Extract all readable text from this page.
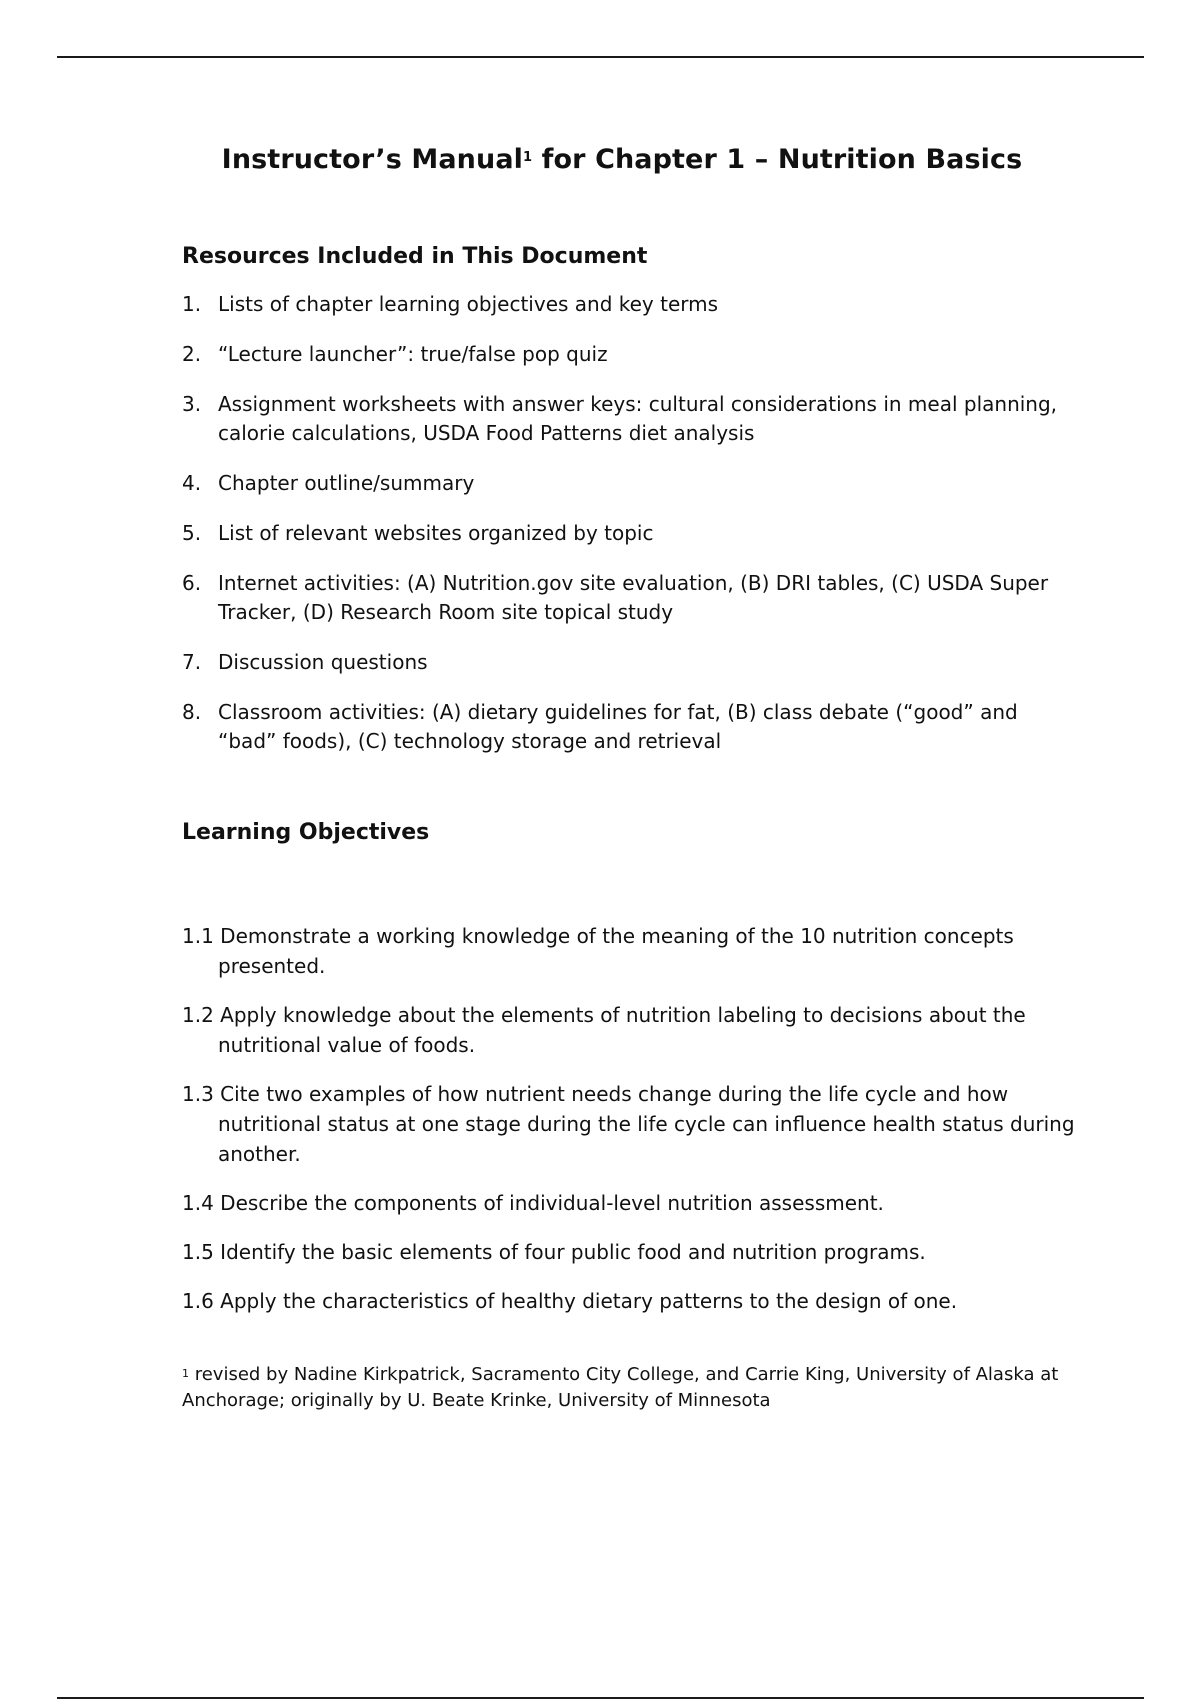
Instructor’s Manual$^1$ for Chapter 1 – Nutrition Basics
Resources Included in This Document
1. Lists of chapter learning objectives and key terms
2. “Lecture launcher”: true/false pop quiz
3. Assignment worksheets with answer keys: cultural considerations in meal planning, calorie calculations, USDA Food Patterns diet analysis
4. Chapter outline/summary
5. List of relevant websites organized by topic
6. Internet activities: (A) Nutrition.gov site evaluation, (B) DRI tables, (C) USDA Super Tracker, (D) Research Room site topical study
7. Discussion questions
8. Classroom activities: (A) dietary guidelines for fat, (B) class debate (“good” and “bad” foods), (C) technology storage and retrieval
Learning Objectives
1.1 Demonstrate a working knowledge of the meaning of the 10 nutrition concepts presented.
1.2 Apply knowledge about the elements of nutrition labeling to decisions about the nutritional value of foods.
1.3 Cite two examples of how nutrient needs change during the life cycle and how nutritional status at one stage during the life cycle can influence health status during another.
1.4 Describe the components of individual-level nutrition assessment.
1.5 Identify the basic elements of four public food and nutrition programs.
1.6 Apply the characteristics of healthy dietary patterns to the design of one.

$^1$ revised by Nadine Kirkpatrick, Sacramento City College, and Carrie King, University of Alaska at Anchorage; originally by U. Beate Krinke, University of Minnesota
